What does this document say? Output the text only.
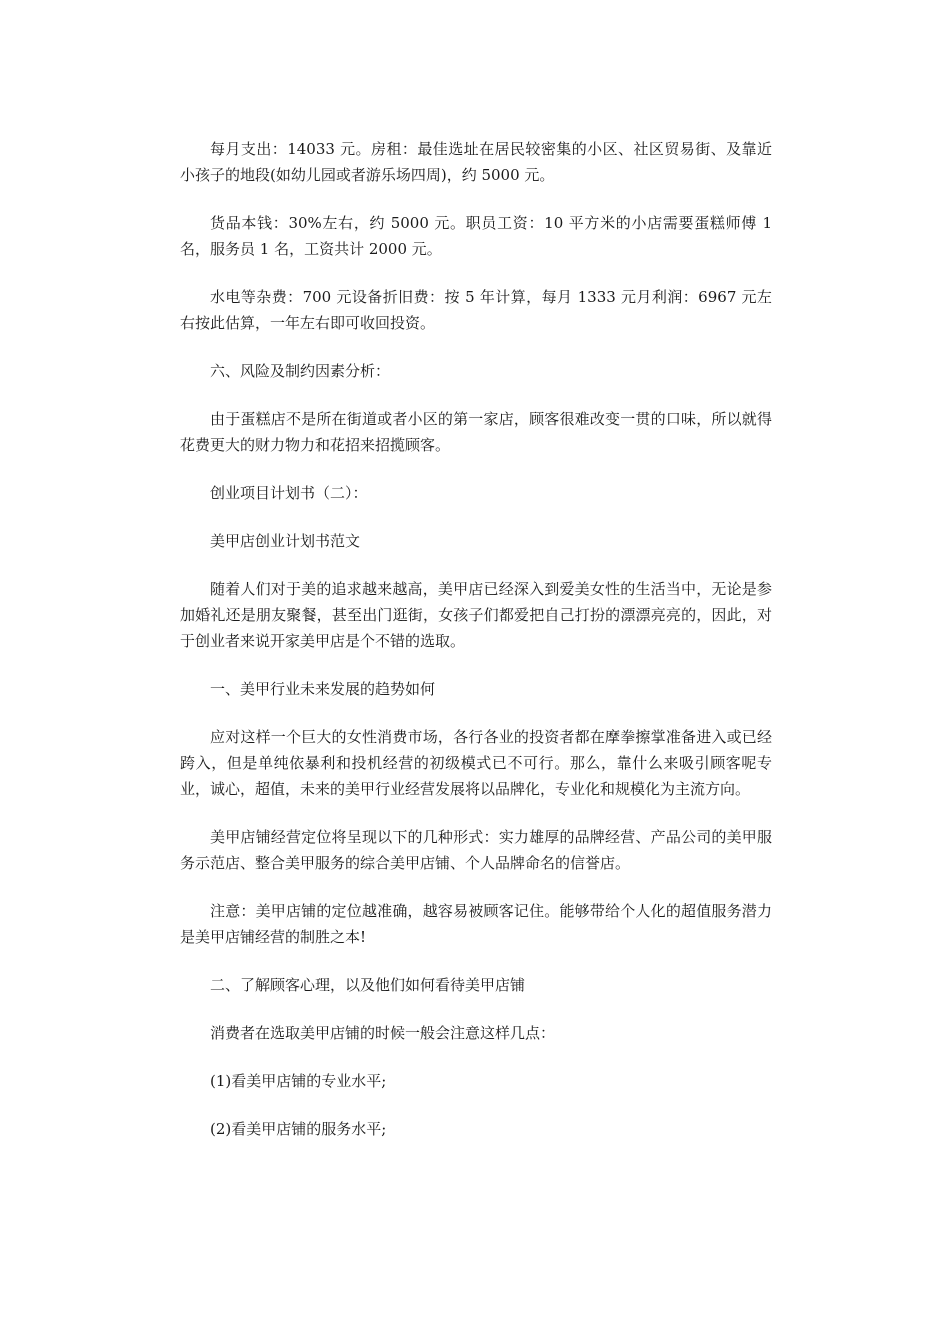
每月支出：14033 元。房租：最佳选址在居民较密集的小区、社区贸易街、及靠近小孩子的地段(如幼儿园或者游乐场四周)，约 5000 元。

货品本钱：30%左右，约 5000 元。职员工资：10 平方米的小店需要蛋糕师傅 1 名，服务员 1 名，工资共计 2000 元。

水电等杂费：700 元设备折旧费：按 5 年计算，每月 1333 元月利润：6967 元左右按此估算，一年左右即可收回投资。

六、风险及制约因素分析：

由于蛋糕店不是所在街道或者小区的第一家店，顾客很难改变一贯的口味，所以就得花费更大的财力物力和花招来招揽顾客。

创业项目计划书（二）：

美甲店创业计划书范文

随着人们对于美的追求越来越高，美甲店已经深入到爱美女性的生活当中，无论是参加婚礼还是朋友聚餐，甚至出门逛街，女孩子们都爱把自己打扮的漂漂亮亮的，因此，对于创业者来说开家美甲店是个不错的选取。

一、美甲行业未来发展的趋势如何

应对这样一个巨大的女性消费市场，各行各业的投资者都在摩拳擦掌准备进入或已经跨入，但是单纯依暴利和投机经营的初级模式已不可行。那么，靠什么来吸引顾客呢专业，诚心，超值，未来的美甲行业经营发展将以品牌化，专业化和规模化为主流方向。

美甲店铺经营定位将呈现以下的几种形式：实力雄厚的品牌经营、产品公司的美甲服务示范店、整合美甲服务的综合美甲店铺、个人品牌命名的信誉店。

注意：美甲店铺的定位越准确，越容易被顾客记住。能够带给个人化的超值服务潜力是美甲店铺经营的制胜之本!

二、了解顾客心理，以及他们如何看待美甲店铺

消费者在选取美甲店铺的时候一般会注意这样几点：

(1)看美甲店铺的专业水平;

(2)看美甲店铺的服务水平;
